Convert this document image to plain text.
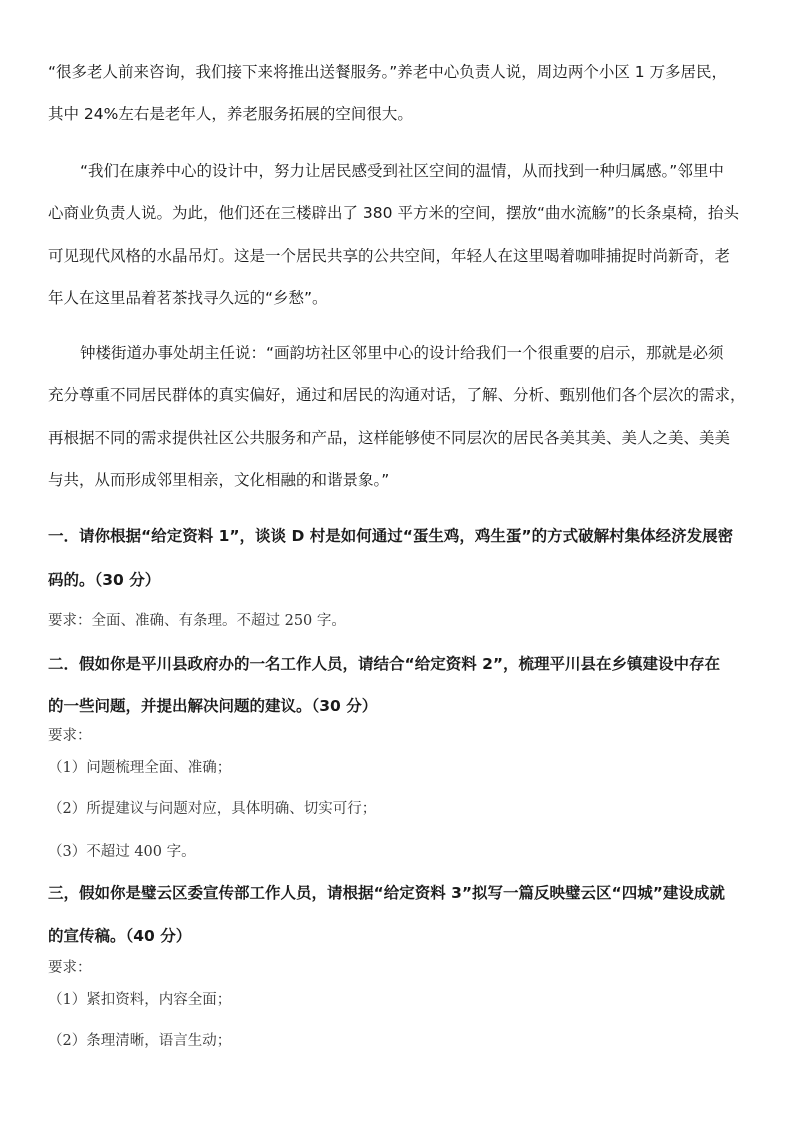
“很多老人前来咨询，我们接下来将推出送餐服务。”养老中心负责人说，周边两个小区 1 万多居民，
其中 24%左右是老年人，养老服务拓展的空间很大。
“我们在康养中心的设计中，努力让居民感受到社区空间的温情，从而找到一种归属感。”邻里中
心商业负责人说。为此，他们还在三楼辟出了 380 平方米的空间，摆放“曲水流觞”的长条桌椅，抬头
可见现代风格的水晶吊灯。这是一个居民共享的公共空间，年轻人在这里喝着咖啡捕捉时尚新奇，老
年人在这里品着茗茶找寻久远的“乡愁”。
钟楼街道办事处胡主任说：“画韵坊社区邻里中心的设计给我们一个很重要的启示，那就是必须
充分尊重不同居民群体的真实偏好，通过和居民的沟通对话，了解、分析、甄别他们各个层次的需求，
再根据不同的需求提供社区公共服务和产品，这样能够使不同层次的居民各美其美、美人之美、美美
与共，从而形成邻里相亲，文化相融的和谐景象。”
一．请你根据“给定资料 1”，谈谈 D 村是如何通过“蛋生鸡，鸡生蛋”的方式破解村集体经济发展密
码的。（30 分）
要求：全面、准确、有条理。不超过 250 字。
二．假如你是平川县政府办的一名工作人员，请结合“给定资料 2”，梳理平川县在乡镇建设中存在
的一些问题，并提出解决问题的建议。（30 分）
要求：
（1）问题梳理全面、准确；
（2）所提建议与问题对应，具体明确、切实可行；
（3）不超过 400 字。
三，假如你是璧云区委宣传部工作人员，请根据“给定资料 3”拟写一篇反映璧云区“四城”建设成就
的宣传稿。（40 分）
要求：
（1）紧扣资料，内容全面；
（2）条理清晰，语言生动；
